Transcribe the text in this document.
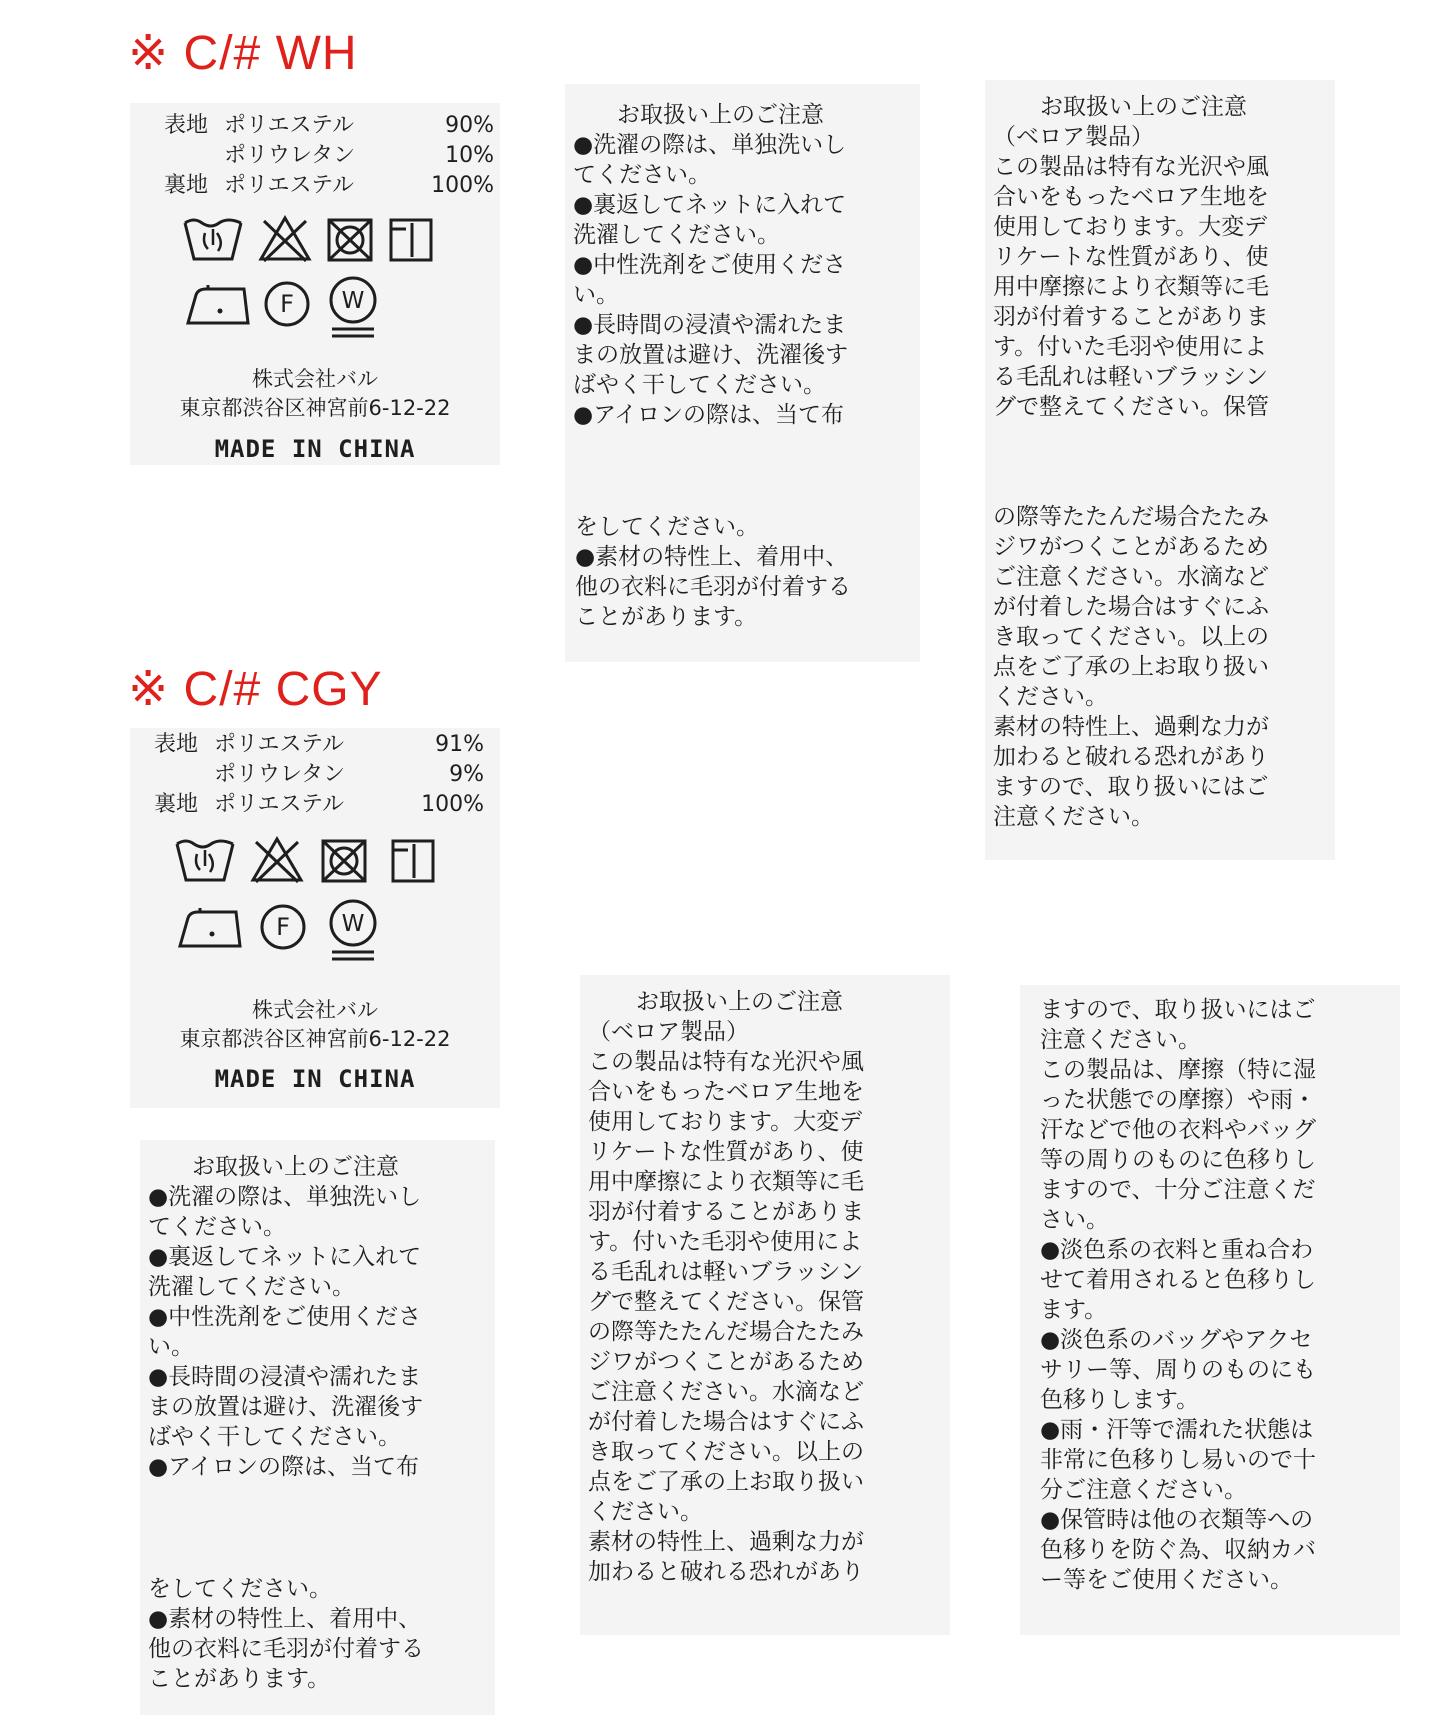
※ C/# WH
表地 ポリエステル	90%
ポリウレタン	10%
裏地 ポリエステル	100%
F W
株式会社バル
東京都渋谷区神宮前6-12-22
MADE IN CHINA
お取扱い上のご注意
●洗濯の際は、単独洗いし
てください。
●裏返してネットに入れて
洗濯してください。
●中性洗剤をご使用くださ
い。
●長時間の浸漬や濡れたま
まの放置は避け、洗濯後す
ばやく干してください。
●アイロンの際は、当て布
をしてください。
●素材の特性上、着用中、
他の衣料に毛羽が付着する
ことがあります。
お取扱い上のご注意
（ベロア製品）
この製品は特有な光沢や風
合いをもったベロア生地を
使用しております。大変デ
リケートな性質があり、使
用中摩擦により衣類等に毛
羽が付着することがありま
す。付いた毛羽や使用によ
る毛乱れは軽いブラッシン
グで整えてください。保管
の際等たたんだ場合たたみ
ジワがつくことがあるため
ご注意ください。水滴など
が付着した場合はすぐにふ
き取ってください。以上の
点をご了承の上お取り扱い
ください。
素材の特性上、過剰な力が
加わると破れる恐れがあり
ますので、取り扱いにはご
注意ください。
※ C/# CGY
表地 ポリエステル	91%
ポリウレタン	9%
裏地 ポリエステル	100%
F W
株式会社バル
東京都渋谷区神宮前6-12-22
MADE IN CHINA
お取扱い上のご注意
●洗濯の際は、単独洗いし
てください。
●裏返してネットに入れて
洗濯してください。
●中性洗剤をご使用くださ
い。
●長時間の浸漬や濡れたま
まの放置は避け、洗濯後す
ばやく干してください。
●アイロンの際は、当て布
をしてください。
●素材の特性上、着用中、
他の衣料に毛羽が付着する
ことがあります。
お取扱い上のご注意
（ベロア製品）
この製品は特有な光沢や風
合いをもったベロア生地を
使用しております。大変デ
リケートな性質があり、使
用中摩擦により衣類等に毛
羽が付着することがありま
す。付いた毛羽や使用によ
る毛乱れは軽いブラッシン
グで整えてください。保管
の際等たたんだ場合たたみ
ジワがつくことがあるため
ご注意ください。水滴など
が付着した場合はすぐにふ
き取ってください。以上の
点をご了承の上お取り扱い
ください。
素材の特性上、過剰な力が
加わると破れる恐れがあり
ますので、取り扱いにはご
注意ください。
この製品は、摩擦（特に湿
った状態での摩擦）や雨・
汗などで他の衣料やバッグ
等の周りのものに色移りし
ますので、十分ご注意くだ
さい。
●淡色系の衣料と重ね合わ
せて着用されると色移りし
ます。
●淡色系のバッグやアクセ
サリー等、周りのものにも
色移りします。
●雨・汗等で濡れた状態は
非常に色移りし易いので十
分ご注意ください。
●保管時は他の衣類等への
色移りを防ぐ為、収納カバ
ー等をご使用ください。
